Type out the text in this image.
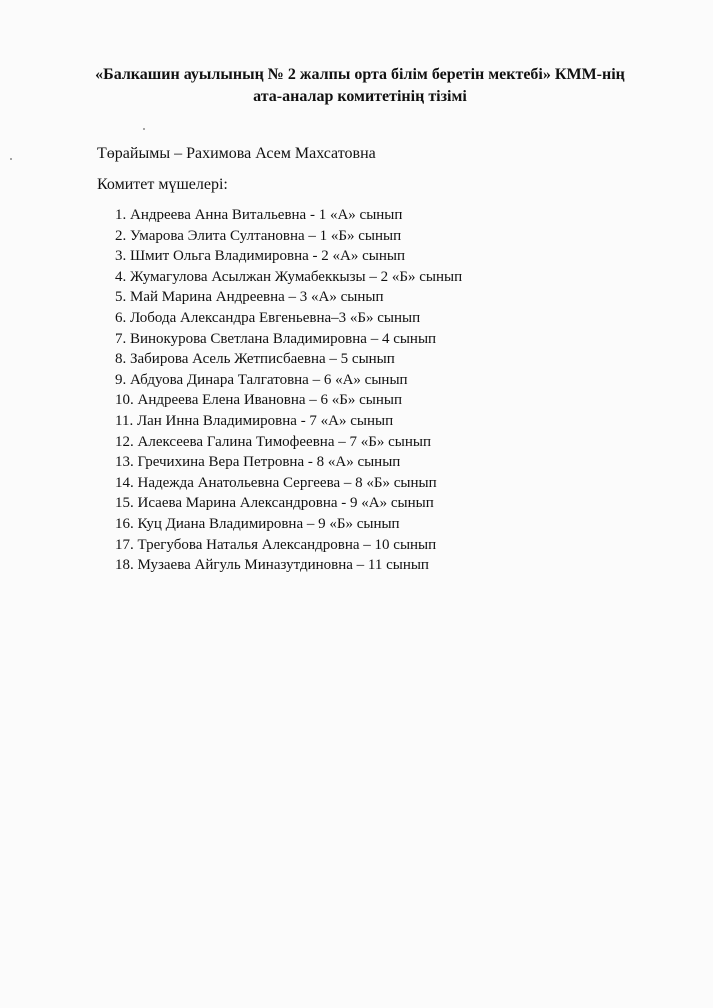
«Балкашин ауылының № 2 жалпы орта білім беретін мектебі» КММ-нің
ата-аналар комитетінің тізімі
Төрайымы – Рахимова Асем Махсатовна
Комитет мүшелері:
1. Андреева Анна Витальевна - 1 «А» сынып
2. Умарова Элита Султановна – 1 «Б» сынып
3. Шмит Ольга Владимировна - 2 «А» сынып
4. Жумагулова Асылжан Жумабеккызы – 2 «Б» сынып
5. Май Марина Андреевна – 3 «А» сынып
6. Лобода Александра Евгеньевна–3 «Б» сынып
7. Винокурова Светлана Владимировна – 4 сынып
8. Забирова Асель Жетписбаевна – 5 сынып
9. Абдуова Динара Талгатовна – 6 «А» сынып
10. Андреева Елена Ивановна – 6 «Б» сынып
11. Лан Инна Владимировна - 7 «А» сынып
12. Алексеева Галина Тимофеевна – 7 «Б» сынып
13. Гречихина Вера Петровна - 8 «А» сынып
14. Надежда Анатольевна Сергеева – 8 «Б» сынып
15. Исаева Марина Александровна - 9 «А» сынып
16. Куц Диана Владимировна – 9 «Б» сынып
17. Трегубова Наталья Александровна – 10 сынып
18. Музаева Айгуль Миназутдиновна – 11 сынып
